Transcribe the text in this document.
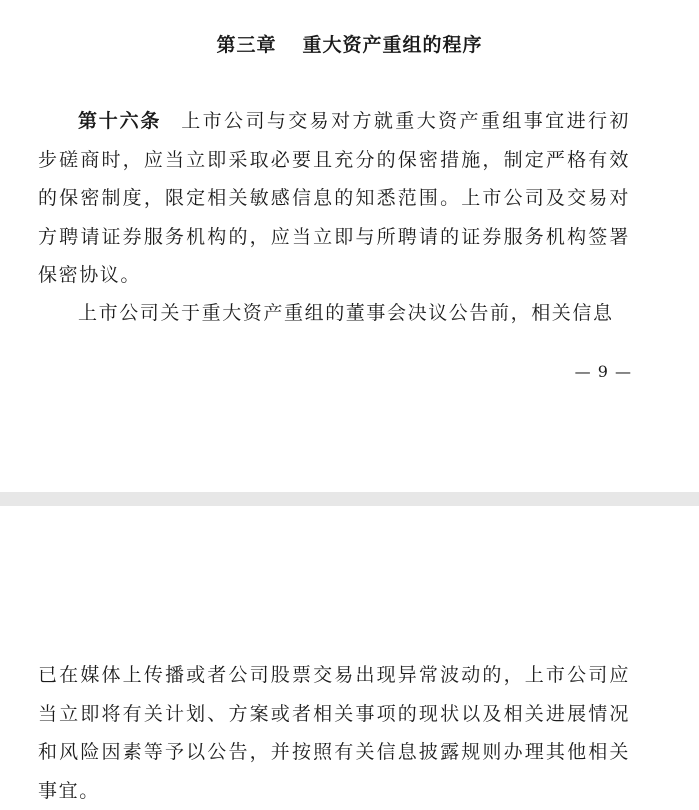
第三章 重大资产重组的程序

第十六条 上市公司与交易对方就重大资产重组事宜进行初步磋商时，应当立即采取必要且充分的保密措施，制定严格有效的保密制度，限定相关敏感信息的知悉范围。上市公司及交易对方聘请证券服务机构的，应当立即与所聘请的证券服务机构签署保密协议。

上市公司关于重大资产重组的董事会决议公告前，相关信息

— 9 —

已在媒体上传播或者公司股票交易出现异常波动的，上市公司应当立即将有关计划、方案或者相关事项的现状以及相关进展情况和风险因素等予以公告，并按照有关信息披露规则办理其他相关事宜。
